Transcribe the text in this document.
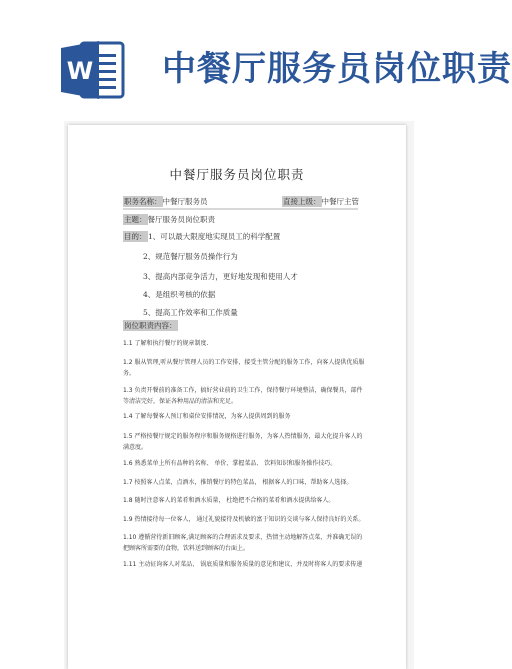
W 中餐厅服务员岗位职责
中餐厅服务员岗位职责
职务名称：中餐厅服务员	直接上级：中餐厅主管
主题：餐厅服务员岗位职责
目的： 1、可以最大限度地实现员工的科学配置
2、规范餐厅服务员操作行为
3、提高内部竞争活力，更好地发现和使用人才
4、是组织考核的依据
5、提高工作效率和工作质量
岗位职责内容：
1.1 了解和执行餐厅的规章制度.
1.2 服从管理,听从餐厅管理人员的工作安排，接受主管分配的服务工作，向客人提供优质服务。
1.3 负责开餐前的准备工作，搞好营业前的卫生工作，保持餐厅环境整洁，确保餐具，部件等清洁完好，保证各种用品的清洁和充足。
1.4 了解每餐客人预订和桌位安排情况，为客人提供周到的服务
1.5 严格按餐厅规定的服务程序和服务规格进行服务，为客人热情服务，最大化提升客人的满意度。
1.6 熟悉菜单上所有品种的名称、 单价、掌握菜品、 饮料知识和服务操作技巧。
1.7 按照客人点菜，点酒水，推销餐厅的特色菜品， 根据客人的口味，帮助客人选择。
1.8 随时注意客人的菜肴和酒水质量， 杜绝把不合格的菜肴和酒水提供给客人。
1.9 热情接待每一位客人， 通过礼貌接待及机敏的富于知识的交谈与客人保持良好的关系。
1.10 遵循营待新旧顾客,满足顾客的合理需求及要求，热情主动地解答点菜，并准确无误的把顾客所需要的食物，饮料送到顾客的台面上。
1.11 主动征询客人对菜品、 锅底质量和服务质量的意见和建议，并及时将客人的要求传递
